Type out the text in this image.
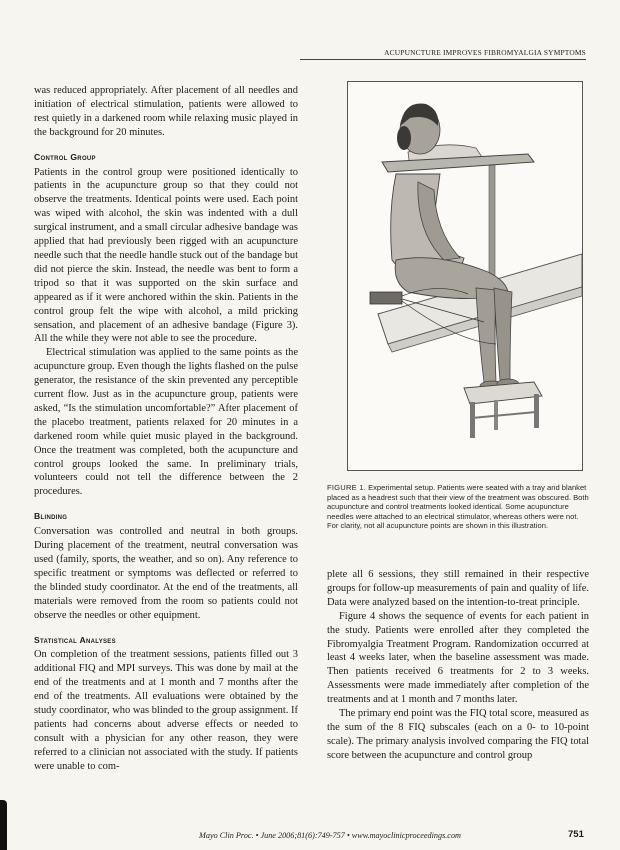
ACUPUNCTURE IMPROVES FIBROMYALGIA SYMPTOMS

was reduced appropriately. After placement of all needles and initiation of electrical stimulation, patients were allowed to rest quietly in a darkened room while relaxing music played in the background for 20 minutes.

Control Group

Patients in the control group were positioned identically to patients in the acupuncture group so that they could not observe the treatments. Identical points were used. Each point was wiped with alcohol, the skin was indented with a dull surgical instrument, and a small circular adhesive bandage was applied that had previously been rigged with an acupuncture needle such that the needle handle stuck out of the bandage but did not pierce the skin. Instead, the needle was bent to form a tripod so that it was supported on the skin surface and appeared as if it were anchored within the skin. Patients in the control group felt the wipe with alcohol, a mild pricking sensation, and placement of an adhesive bandage (Figure 3). All the while they were not able to see the procedure.

Electrical stimulation was applied to the same points as the acupuncture group. Even though the lights flashed on the pulse generator, the resistance of the skin prevented any perceptible current flow. Just as in the acupuncture group, patients were asked, “Is the stimulation uncomfortable?” After placement of the placebo treatment, patients relaxed for 20 minutes in a darkened room while quiet music played in the background. Once the treatment was completed, both the acupuncture and control groups looked the same. In preliminary trials, volunteers could not tell the difference between the 2 procedures.

Blinding

Conversation was controlled and neutral in both groups. During placement of the treatment, neutral conversation was used (family, sports, the weather, and so on). Any reference to specific treatment or symptoms was deflected or referred to the blinded study coordinator. At the end of the treatments, all materials were removed from the room so patients could not observe the needles or other equipment.

Statistical Analyses

On completion of the treatment sessions, patients filled out 3 additional FIQ and MPI surveys. This was done by mail at the end of the treatments and at 1 month and 7 months after the end of the treatments. All evaluations were obtained by the study coordinator, who was blinded to the group assignment. If patients had concerns about adverse effects or needed to consult with a physician for any other reason, they were referred to a clinician not associated with the study. If patients were unable to com-

FIGURE 1. Experimental setup. Patients were seated with a tray and blanket placed as a headrest such that their view of the treatment was obscured. Both acupuncture and control treatments looked identical. Some acupuncture needles were attached to an electrical stimulator, whereas others were not. For clarity, not all acupuncture points are shown in this illustration.

plete all 6 sessions, they still remained in their respective groups for follow-up measurements of pain and quality of life. Data were analyzed based on the intention-to-treat principle.

Figure 4 shows the sequence of events for each patient in the study. Patients were enrolled after they completed the Fibromyalgia Treatment Program. Randomization occurred at least 4 weeks later, when the baseline assessment was made. Then patients received 6 treatments for 2 to 3 weeks. Assessments were made immediately after completion of the treatments and at 1 month and 7 months later.

The primary end point was the FIQ total score, measured as the sum of the 8 FIQ subscales (each on a 0- to 10-point scale). The primary analysis involved comparing the FIQ total score between the acupuncture and control group

Mayo Clin Proc. • June 2006;81(6):749-757 • www.mayoclinicproceedings.com	751
